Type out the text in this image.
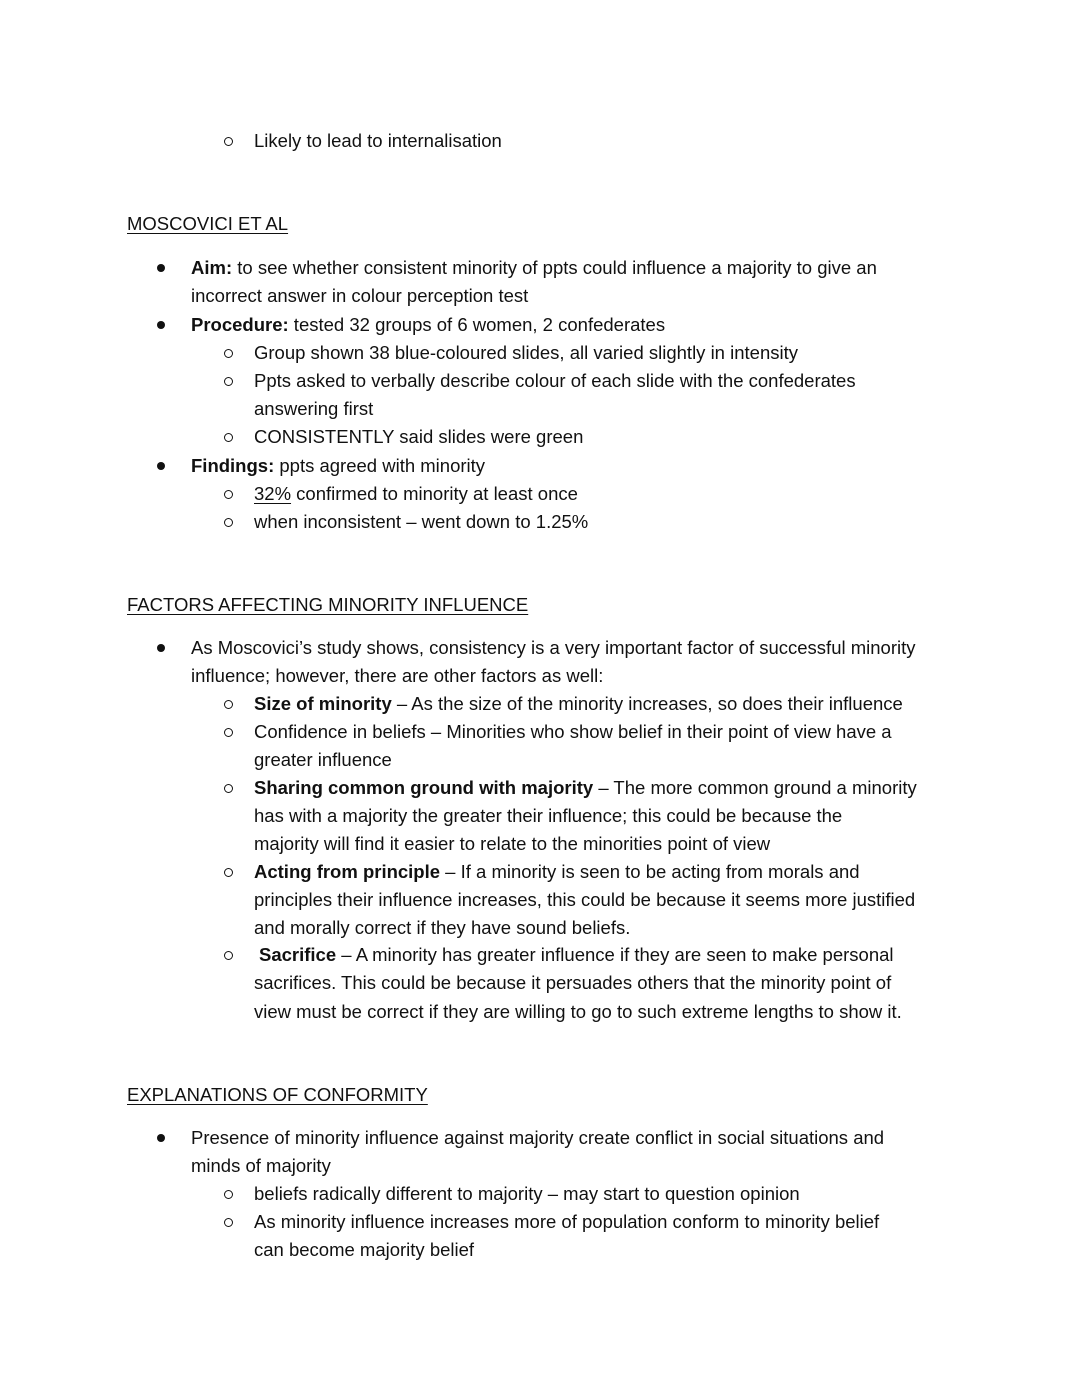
Likely to lead to internalisation
MOSCOVICI ET AL
Aim: to see whether consistent minority of ppts could influence a majority to give an
incorrect answer in colour perception test
Procedure: tested 32 groups of 6 women, 2 confederates
Group shown 38 blue-coloured slides, all varied slightly in intensity
Ppts asked to verbally describe colour of each slide with the confederates
answering first
CONSISTENTLY said slides were green
Findings: ppts agreed with minority
32% confirmed to minority at least once
when inconsistent – went down to 1.25%
FACTORS AFFECTING MINORITY INFLUENCE
As Moscovici’s study shows, consistency is a very important factor of successful minority
influence; however, there are other factors as well:
Size of minority – As the size of the minority increases, so does their influence
Confidence in beliefs – Minorities who show belief in their point of view have a
greater influence
Sharing common ground with majority – The more common ground a minority
has with a majority the greater their influence; this could be because the
majority will find it easier to relate to the minorities point of view
Acting from principle – If a minority is seen to be acting from morals and
principles their influence increases, this could be because it seems more justified
and morally correct if they have sound beliefs.
Sacrifice – A minority has greater influence if they are seen to make personal
sacrifices. This could be because it persuades others that the minority point of
view must be correct if they are willing to go to such extreme lengths to show it.
EXPLANATIONS OF CONFORMITY
Presence of minority influence against majority create conflict in social situations and
minds of majority
beliefs radically different to majority – may start to question opinion
As minority influence increases more of population conform to minority belief
can become majority belief
